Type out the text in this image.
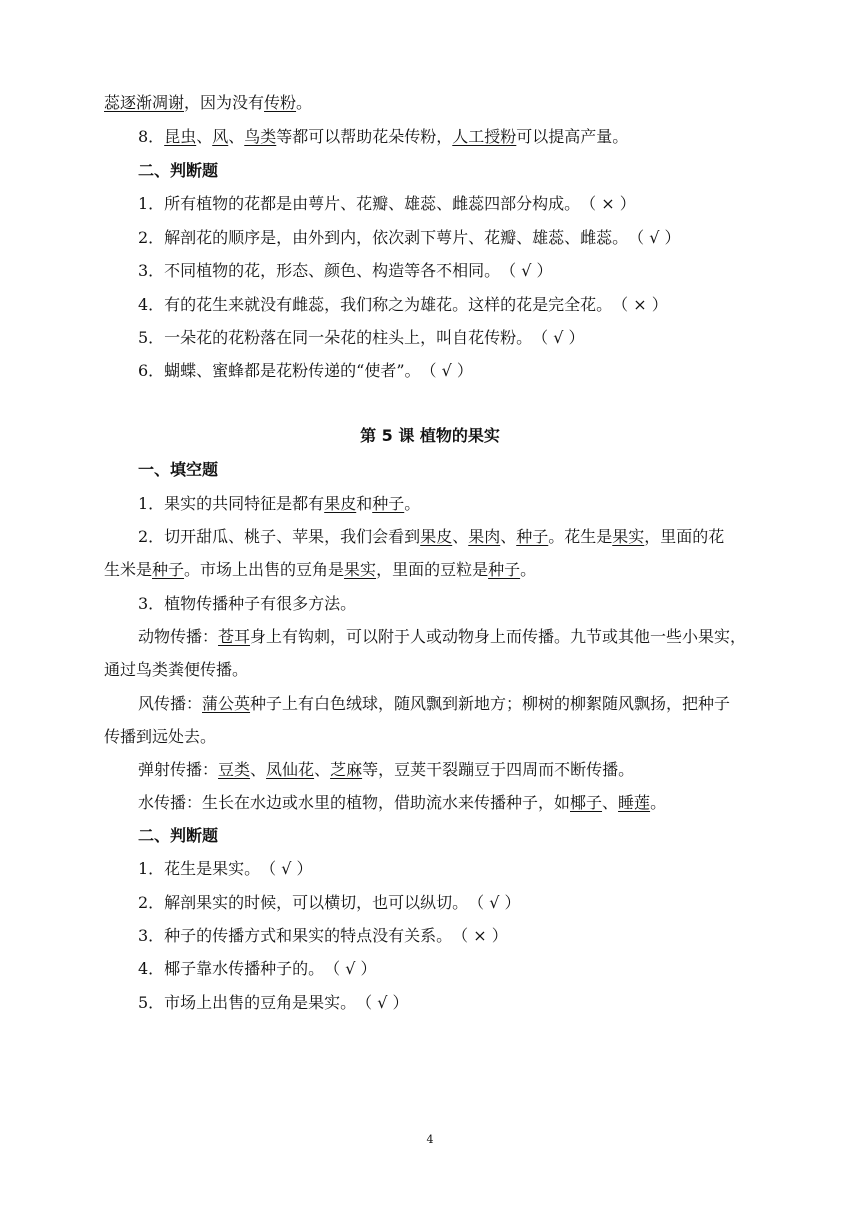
蕊逐渐凋谢，因为没有传粉。
8．昆虫、风、鸟类等都可以帮助花朵传粉，人工授粉可以提高产量。
二、判断题
1．所有植物的花都是由萼片、花瓣、雄蕊、雌蕊四部分构成。　（ × ）
2．解剖花的顺序是，由外到内，依次剥下萼片、花瓣、雄蕊、雌蕊。　（ √ ）
3．不同植物的花，形态、颜色、构造等各不相同。　（ √ ）
4．有的花生来就没有雌蕊，我们称之为雄花。这样的花是完全花。　（ × ）
5．一朵花的花粉落在同一朵花的柱头上，叫自花传粉。　（ √ ）
6．蝴蝶、蜜蜂都是花粉传递的“使者”。　（ √ ）
第 5 课 植物的果实
一、填空题
1．果实的共同特征是都有果皮和种子。
2．切开甜瓜、桃子、苹果，我们会看到果皮、果肉、种子。花生是果实，里面的花
生米是种子。市场上出售的豆角是果实，里面的豆粒是种子。
3．植物传播种子有很多方法。
动物传播：苍耳身上有钩刺，可以附于人或动物身上而传播。九节或其他一些小果实，
通过鸟类粪便传播。
风传播：蒲公英种子上有白色绒球，随风飘到新地方；柳树的柳絮随风飘扬，把种子
传播到远处去。
弹射传播：豆类、凤仙花、芝麻等，豆荚干裂蹦豆于四周而不断传播。
水传播：生长在水边或水里的植物，借助流水来传播种子，如椰子、睡莲。
二、判断题
1．花生是果实。　（ √ ）
2．解剖果实的时候，可以横切，也可以纵切。　（ √ ）
3．种子的传播方式和果实的特点没有关系。　（ × ）
4．椰子靠水传播种子的。　（ √ ）
5．市场上出售的豆角是果实。　（ √ ）
4
